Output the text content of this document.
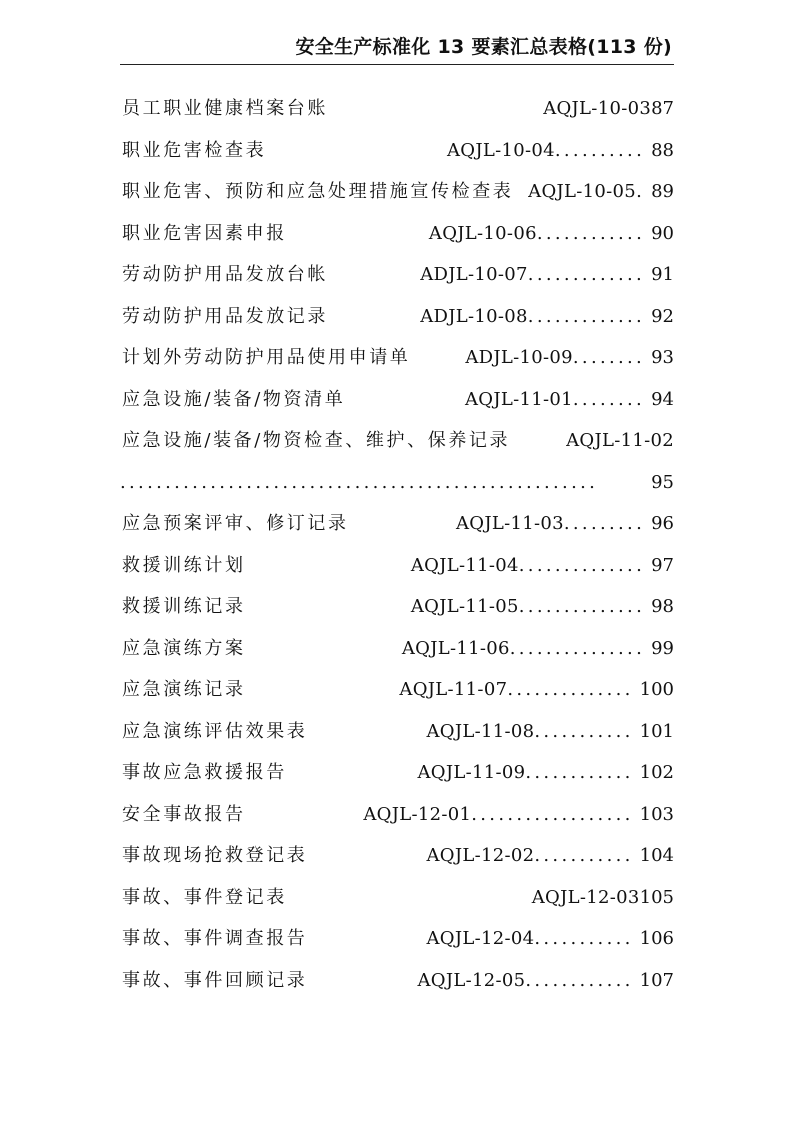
安全生产标准化 13 要素汇总表格(113 份)
员工职业健康档案台账	AQJL-10-0387
职业危害检查表	AQJL-10-04.......... 88
职业危害、预防和应急处理措施宣传检查表 AQJL-10-05. 89
职业危害因素申报	AQJL-10-06............ 90
劳动防护用品发放台帐	ADJL-10-07............. 91
劳动防护用品发放记录	ADJL-10-08............. 92
计划外劳动防护用品使用申请单	ADJL-10-09........ 93
应急设施/装备/物资清单	AQJL-11-01........ 94
应急设施/装备/物资检查、维护、保养记录	AQJL-11-02
.....................................................	95
应急预案评审、修订记录	AQJL-11-03......... 96
救援训练计划	AQJL-11-04.............. 97
救援训练记录	AQJL-11-05.............. 98
应急演练方案	AQJL-11-06............... 99
应急演练记录	AQJL-11-07.............. 100
应急演练评估效果表	AQJL-11-08........... 101
事故应急救援报告	AQJL-11-09............ 102
安全事故报告	AQJL-12-01.................. 103
事故现场抢救登记表	AQJL-12-02........... 104
事故、事件登记表	AQJL-12-03105
事故、事件调查报告	AQJL-12-04........... 106
事故、事件回顾记录	AQJL-12-05............ 107
